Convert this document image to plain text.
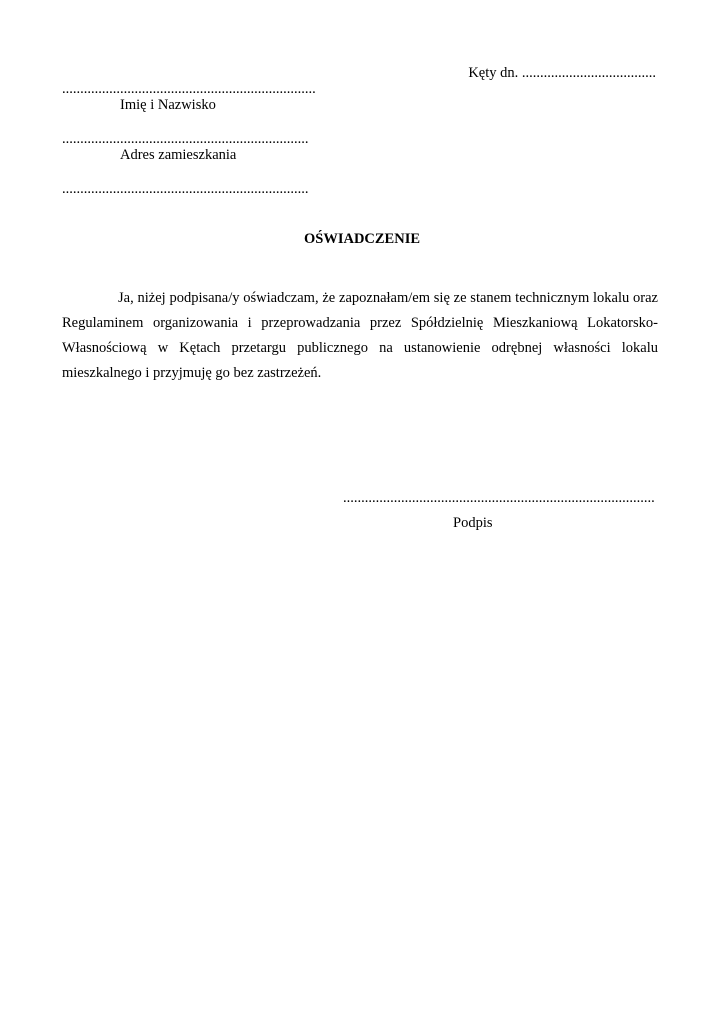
Kęty dn. .....................................
......................................................................
Imię i Nazwisko
....................................................................
Adres zamieszkania
....................................................................
OŚWIADCZENIE

Ja, niżej podpisana/y oświadczam, że zapoznałam/em się ze stanem technicznym lokalu oraz Regulaminem organizowania i przeprowadzania przez Spółdzielnię Mieszkaniową Lokatorsko-Własnościową w Kętach przetargu publicznego na ustanowienie odrębnej własności lokalu mieszkalnego i przyjmuję go bez zastrzeżeń.

......................................................................................
Podpis
